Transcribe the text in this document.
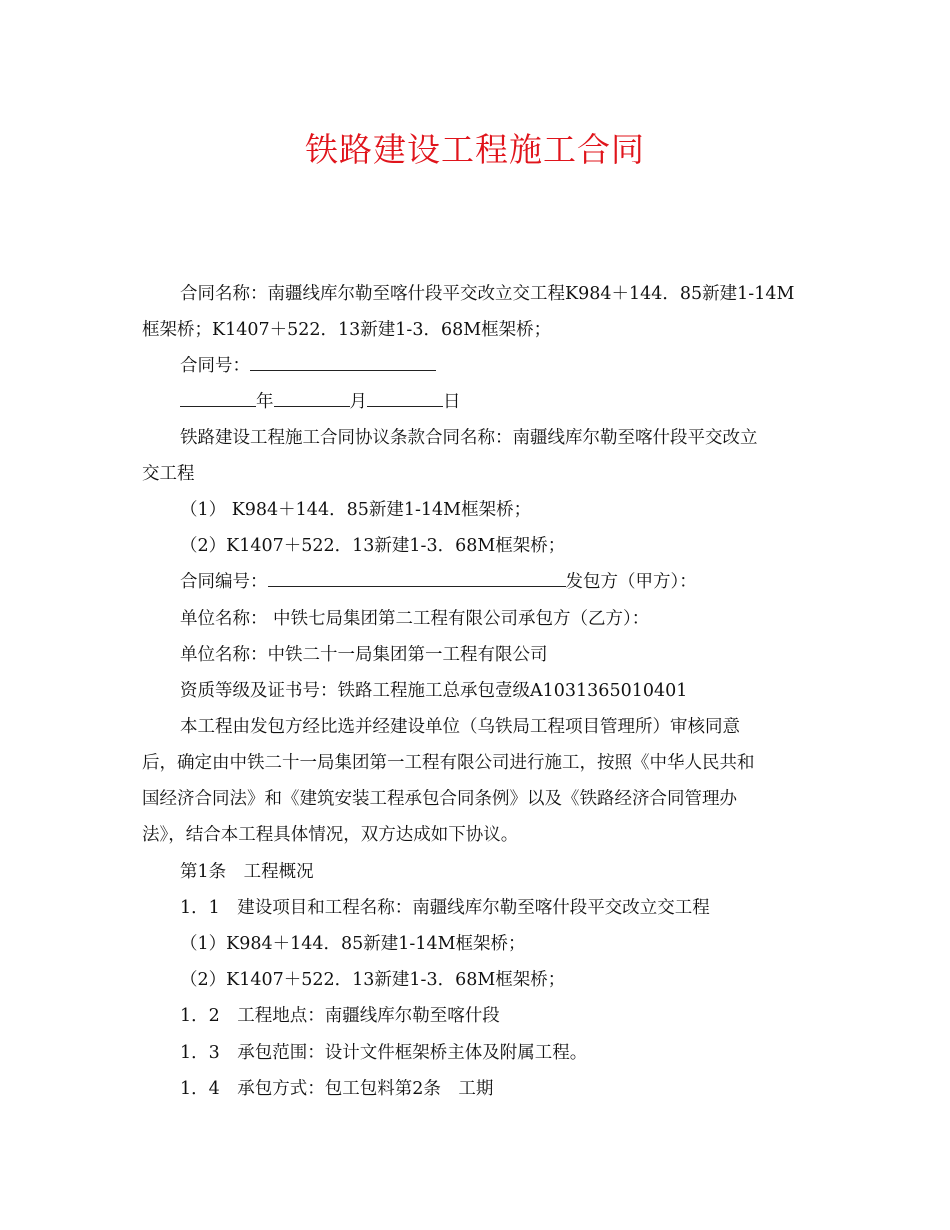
铁路建设工程施工合同
合同名称：南疆线库尔勒至喀什段平交改立交工程K984＋144．85新建1-14M
框架桥；K1407＋522．13新建1-3．68M框架桥；
合同号：
年	月	日
铁路建设工程施工合同协议条款合同名称：南疆线库尔勒至喀什段平交改立
交工程
（1） K984＋144．85新建1-14M框架桥；
（2）K1407＋522．13新建1-3．68M框架桥；
合同编号：	发包方（甲方）：
单位名称： 中铁七局集团第二工程有限公司承包方（乙方）：
单位名称：中铁二十一局集团第一工程有限公司
资质等级及证书号：铁路工程施工总承包壹级A1031365010401
本工程由发包方经比选并经建设单位（乌铁局工程项目管理所）审核同意
后，确定由中铁二十一局集团第一工程有限公司进行施工，按照《中华人民共和
国经济合同法》和《建筑安装工程承包合同条例》以及《铁路经济合同管理办
法》，结合本工程具体情况，双方达成如下协议。
第1条　工程概况
1．1　建设项目和工程名称：南疆线库尔勒至喀什段平交改立交工程
（1）K984＋144．85新建1-14M框架桥；
（2）K1407＋522．13新建1-3．68M框架桥；
1．2　工程地点：南疆线库尔勒至喀什段
1．3　承包范围：设计文件框架桥主体及附属工程。
1．4　承包方式：包工包料第2条　工期
